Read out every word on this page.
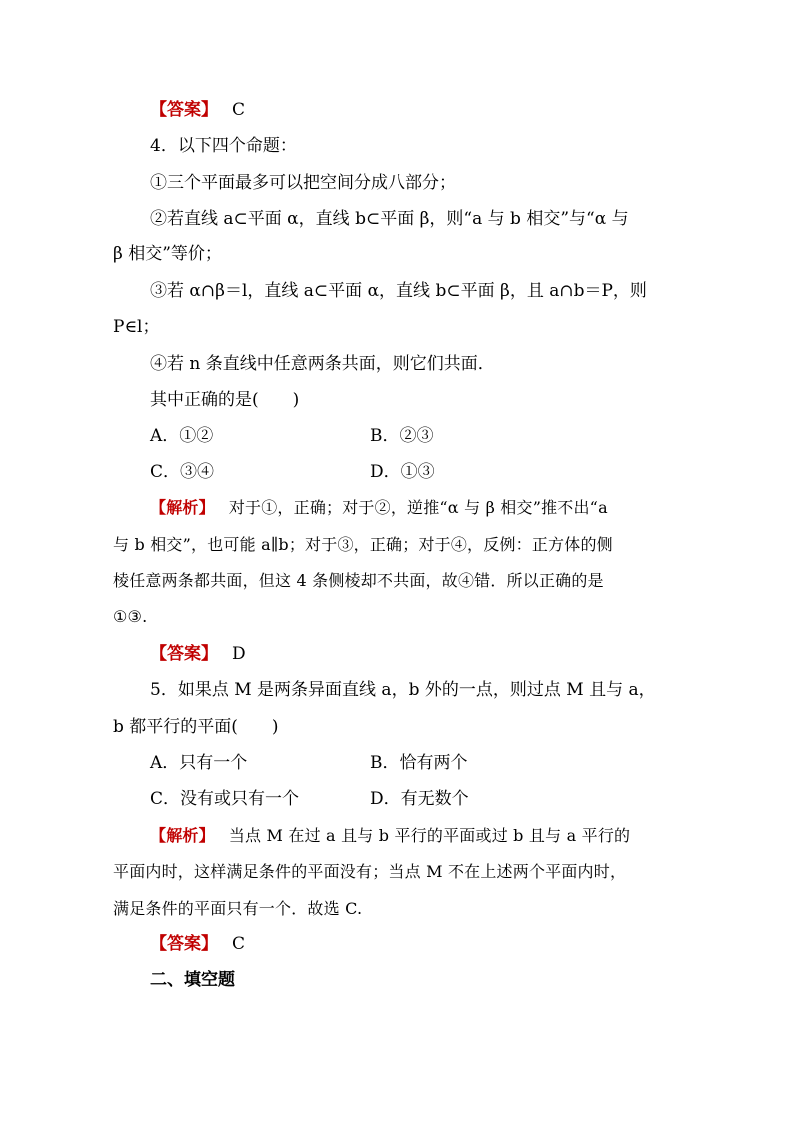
【答案】 C
4．以下四个命题：
①三个平面最多可以把空间分成八部分；
②若直线 a⊂平面 α，直线 b⊂平面 β，则“a 与 b 相交”与“α 与
β 相交”等价；
③若 α∩β＝l，直线 a⊂平面 α，直线 b⊂平面 β，且 a∩b＝P，则
P∈l；
④若 n 条直线中任意两条共面，则它们共面．
其中正确的是(　　)
A．①②	B．②③
C．③④	D．①③
【解析】 对于①，正确；对于②，逆推“α 与 β 相交”推不出“a
与 b 相交”，也可能 a∥b；对于③，正确；对于④，反例：正方体的侧
棱任意两条都共面，但这 4 条侧棱却不共面，故④错．所以正确的是
①③.
【答案】 D
5．如果点 M 是两条异面直线 a，b 外的一点，则过点 M 且与 a，
b 都平行的平面(　　)
A．只有一个	B．恰有两个
C．没有或只有一个	D．有无数个
【解析】 当点 M 在过 a 且与 b 平行的平面或过 b 且与 a 平行的
平面内时，这样满足条件的平面没有；当点 M 不在上述两个平面内时，
满足条件的平面只有一个．故选 C.
【答案】 C
二、填空题
